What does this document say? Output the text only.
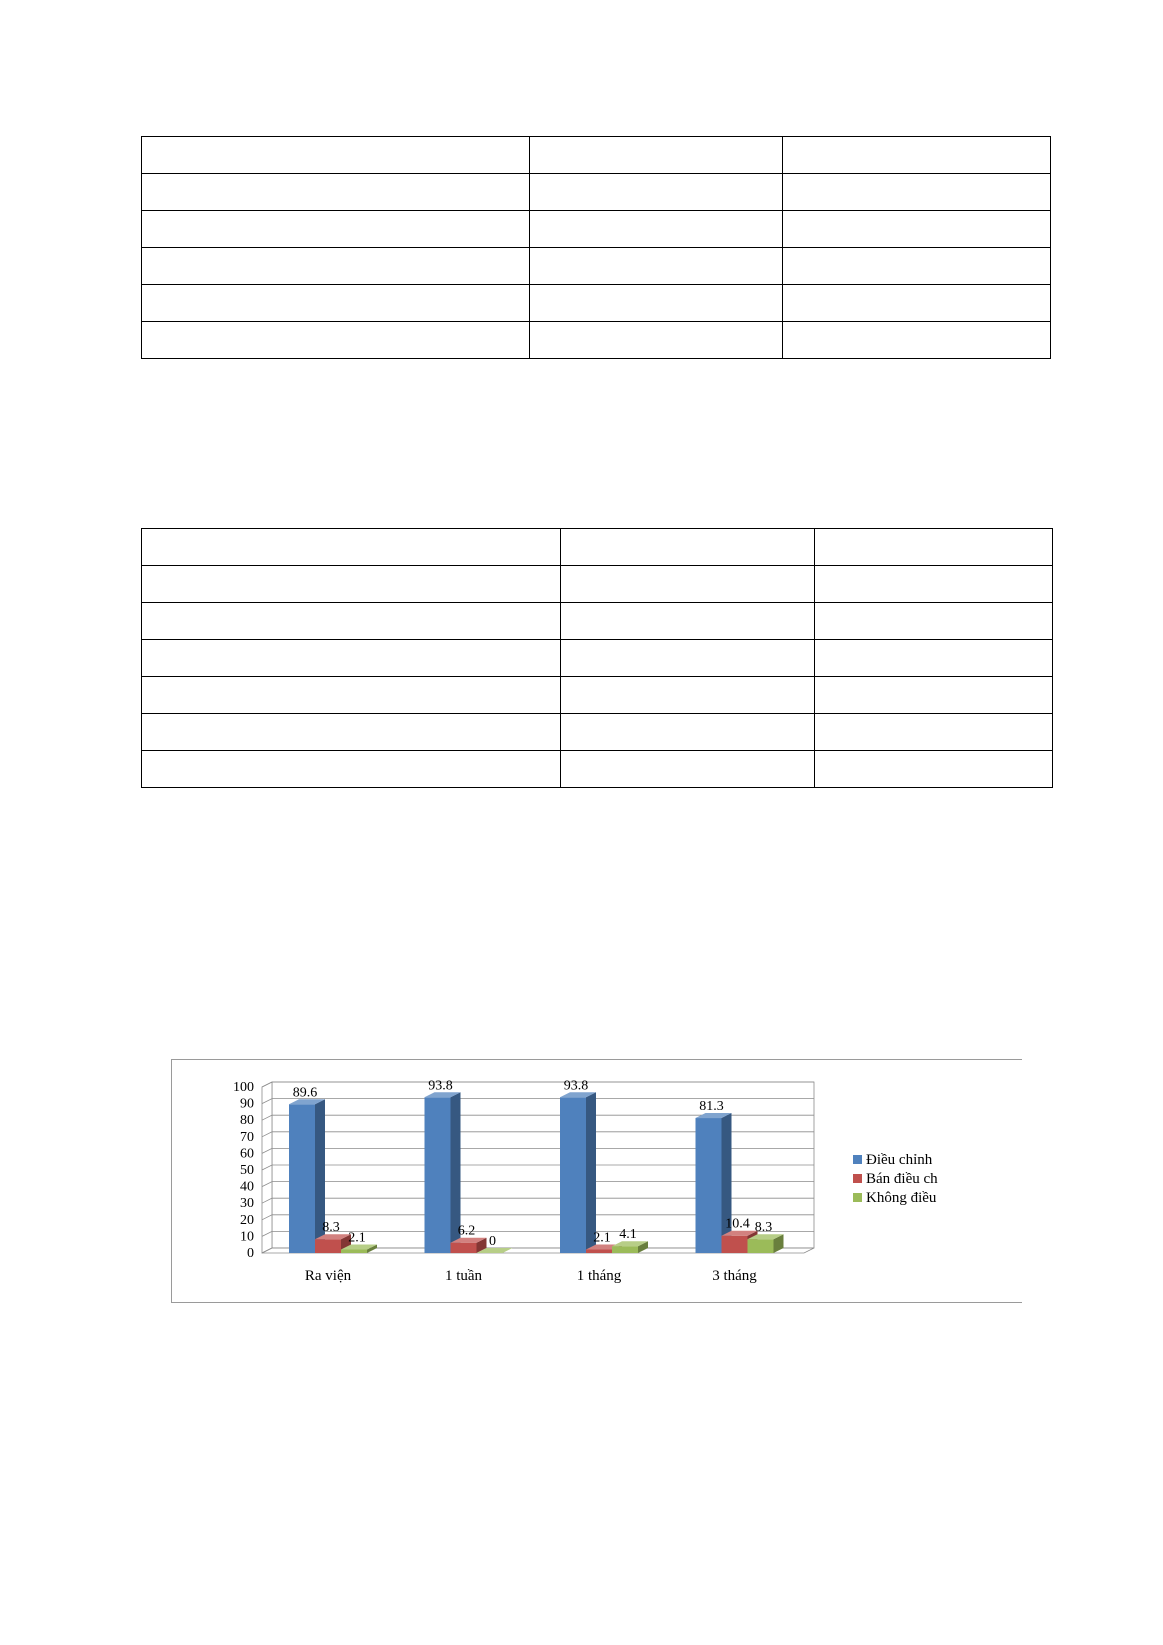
0
10
20
30
40
50
60
70
80
90
100	89.6
8.3
2.1
93.8
6.2
0
93.8
2.1 4.1
81.3
10.4 8.3
Ra viện	1 tuần	1 tháng	3 tháng
Điều chỉnh
Bán điều ch
Không điều
